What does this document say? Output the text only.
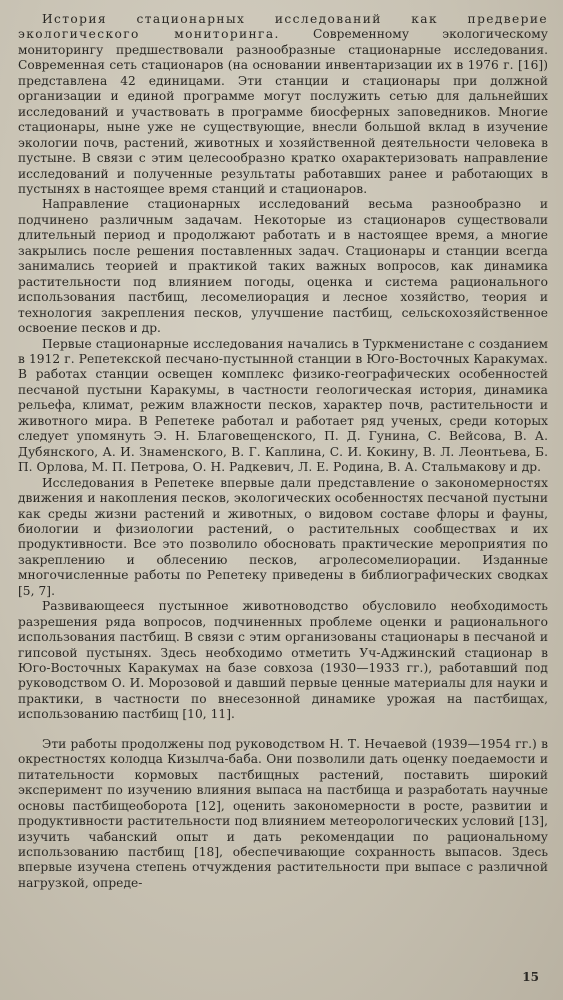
История стационарных исследований как предверие экологического мониторинга. Современному экологическому мониторингу предшествовали разнообразные стационарные исследования. Современная сеть стационаров (на основании инвентаризации их в 1976 г. [16]) представлена 42 единицами. Эти станции и стационары при должной организации и единой программе могут послужить сетью для дальнейших исследований и участвовать в программе биосферных заповедников. Многие стационары, ныне уже не существующие, внесли большой вклад в изучение экологии почв, растений, животных и хозяйственной деятельности человека в пустыне. В связи с этим целесообразно кратко охарактеризовать направление исследований и полученные результаты работавших ранее и работающих в пустынях в настоящее время станций и стационаров.

Направление стационарных исследований весьма разнообразно и подчинено различным задачам. Некоторые из стационаров существовали длительный период и продолжают работать и в настоящее время, а многие закрылись после решения поставленных задач. Стационары и станции всегда занимались теорией и практикой таких важных вопросов, как динамика растительности под влиянием погоды, оценка и система рационального использования пастбищ, лесомелиорация и лесное хозяйство, теория и технология закрепления песков, улучшение пастбищ, сельскохозяйственное освоение песков и др.

Первые стационарные исследования начались в Туркменистане с созданием в 1912 г. Репетекской песчано-пустынной станции в Юго-Восточных Каракумах. В работах станции освещен комплекс физико-географических особенностей песчаной пустыни Каракумы, в частности геологическая история, динамика рельефа, климат, режим влажности песков, характер почв, растительности и животного мира. В Репетеке работал и работает ряд ученых, среди которых следует упомянуть Э. Н. Благовещенского, П. Д. Гунина, С. Вейсова, В. А. Дубянского, А. И. Знаменского, В. Г. Каплина, С. И. Кокину, В. Л. Леонтьева, Б. П. Орлова, М. П. Петрова, О. Н. Радкевич, Л. Е. Родина, В. А. Стальмакову и др.

Исследования в Репетеке впервые дали представление о закономерностях движения и накопления песков, экологических особенностях песчаной пустыни как среды жизни растений и животных, о видовом составе флоры и фауны, биологии и физиологии растений, о растительных сообществах и их продуктивности. Все это позволило обосновать практические мероприятия по закреплению и облесению песков, агролесомелиорации. Изданные многочисленные работы по Репетеку приведены в библиографических сводках [5, 7].

Развивающееся пустынное животноводство обусловило необходимость разрешения ряда вопросов, подчиненных проблеме оценки и рационального использования пастбищ. В связи с этим организованы стационары в песчаной и гипсовой пустынях. Здесь необходимо отметить Уч-Аджинский стационар в Юго-Восточных Каракумах на базе совхоза (1930—1933 гг.), работавший под руководством О. И. Морозовой и давший первые ценные материалы для науки и практики, в частности по внесезонной динамике урожая на пастбищах, использованию пастбищ [10, 11].

Эти работы продолжены под руководством Н. Т. Нечаевой (1939—1954 гг.) в окрестностях колодца Кизылча-баба. Они позволили дать оценку поедаемости и питательности кормовых пастбищных растений, поставить широкий эксперимент по изучению влияния выпаса на пастбища и разработать научные основы пастбищеоборота [12], оценить закономерности в росте, развитии и продуктивности растительности под влиянием метеорологических условий [13], изучить чабанский опыт и дать рекомендации по рациональному использованию пастбищ [18], обеспечивающие сохранность выпасов. Здесь впервые изучена степень отчуждения растительности при выпасе с различной нагрузкой, опреде-

15
